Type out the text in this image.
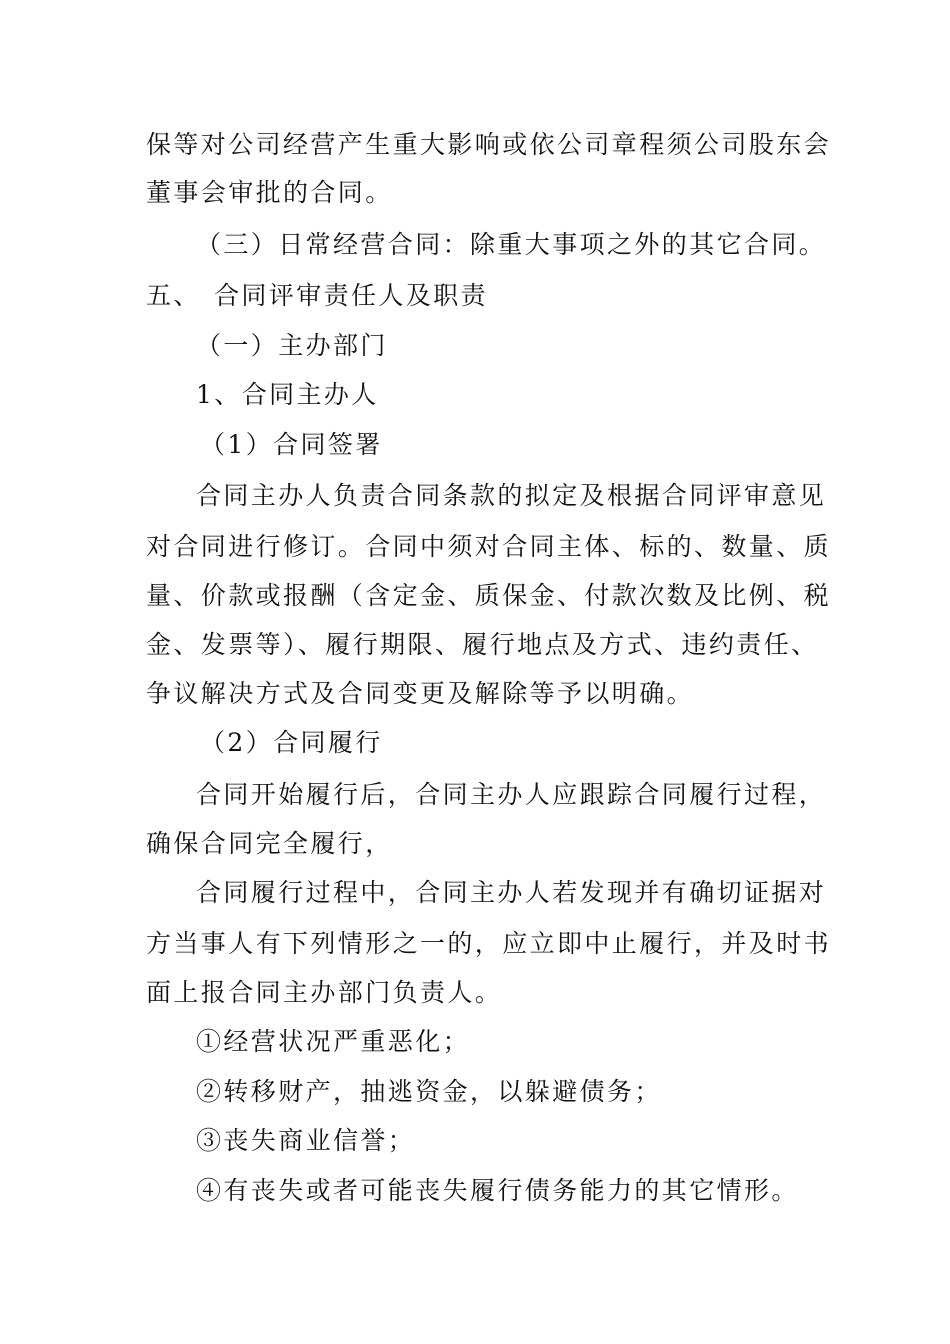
保等对公司经营产生重大影响或依公司章程须公司股东会
董事会审批的合同。
（三）日常经营合同：除重大事项之外的其它合同。
五、 合同评审责任人及职责
（一）主办部门
1、合同主办人
（1）合同签署
合同主办人负责合同条款的拟定及根据合同评审意见
对合同进行修订。合同中须对合同主体、标的、数量、质
量、价款或报酬（含定金、质保金、付款次数及比例、税
金、发票等）、履行期限、履行地点及方式、违约责任、
争议解决方式及合同变更及解除等予以明确。
（2）合同履行
合同开始履行后，合同主办人应跟踪合同履行过程，
确保合同完全履行，
合同履行过程中，合同主办人若发现并有确切证据对
方当事人有下列情形之一的，应立即中止履行，并及时书
面上报合同主办部门负责人。
①经营状况严重恶化；
②转移财产，抽逃资金，以躲避债务；
③丧失商业信誉；
④有丧失或者可能丧失履行债务能力的其它情形。
